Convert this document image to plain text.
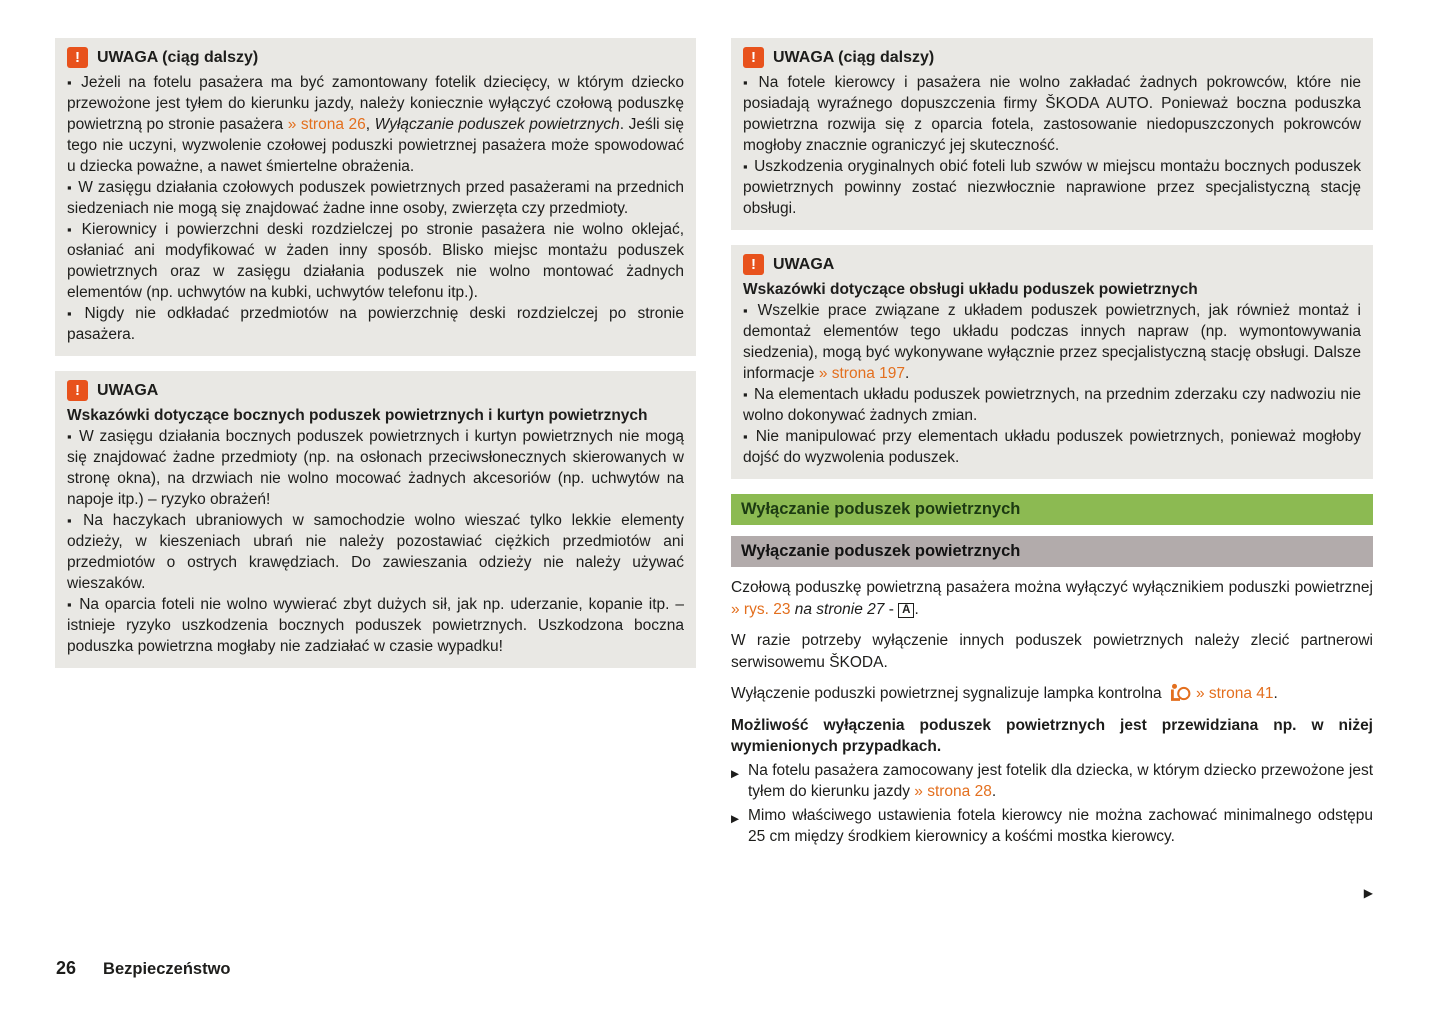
!	UWAGA (ciąg dalszy)

▪ Jeżeli na fotelu pasażera ma być zamontowany fotelik dziecięcy, w którym dziecko przewożone jest tyłem do kierunku jazdy, należy koniecznie wyłączyć czołową poduszkę powietrzną po stronie pasażera » strona 26, Wyłączanie poduszek powietrznych. Jeśli się tego nie uczyni, wyzwolenie czołowej poduszki powietrznej pasażera może spowodować u dziecka poważne, a nawet śmiertelne obrażenia.

▪ W zasięgu działania czołowych poduszek powietrznych przed pasażerami na przednich siedzeniach nie mogą się znajdować żadne inne osoby, zwierzęta czy przedmioty.

▪ Kierownicy i powierzchni deski rozdzielczej po stronie pasażera nie wolno oklejać, osłaniać ani modyfikować w żaden inny sposób. Blisko miejsc montażu poduszek powietrznych oraz w zasięgu działania poduszek nie wolno montować żadnych elementów (np. uchwytów na kubki, uchwytów telefonu itp.).

▪ Nigdy nie odkładać przedmiotów na powierzchnię deski rozdzielczej po stronie pasażera.

!	UWAGA

Wskazówki dotyczące bocznych poduszek powietrznych i kurtyn powietrznych

▪ W zasięgu działania bocznych poduszek powietrznych i kurtyn powietrznych nie mogą się znajdować żadne przedmioty (np. na osłonach przeciwsłonecznych skierowanych w stronę okna), na drzwiach nie wolno mocować żadnych akcesoriów (np. uchwytów na napoje itp.) – ryzyko obrażeń!

▪ Na haczykach ubraniowych w samochodzie wolno wieszać tylko lekkie elementy odzieży, w kieszeniach ubrań nie należy pozostawiać ciężkich przedmiotów ani przedmiotów o ostrych krawędziach. Do zawieszania odzieży nie należy używać wieszaków.

▪ Na oparcia foteli nie wolno wywierać zbyt dużych sił, jak np. uderzanie, kopanie itp. – istnieje ryzyko uszkodzenia bocznych poduszek powietrznych. Uszkodzona boczna poduszka powietrzna mogłaby nie zadziałać w czasie wypadku!

!	UWAGA (ciąg dalszy)

▪ Na fotele kierowcy i pasażera nie wolno zakładać żadnych pokrowców, które nie posiadają wyraźnego dopuszczenia firmy ŠKODA AUTO. Ponieważ boczna poduszka powietrzna rozwija się z oparcia fotela, zastosowanie niedopuszczonych pokrowców mogłoby znacznie ograniczyć jej skuteczność.

▪ Uszkodzenia oryginalnych obić foteli lub szwów w miejscu montażu bocznych poduszek powietrznych powinny zostać niezwłocznie naprawione przez specjalistyczną stację obsługi.

!	UWAGA

Wskazówki dotyczące obsługi układu poduszek powietrznych

▪ Wszelkie prace związane z układem poduszek powietrznych, jak również montaż i demontaż elementów tego układu podczas innych napraw (np. wymontowywania siedzenia), mogą być wykonywane wyłącznie przez specjalistyczną stację obsługi. Dalsze informacje » strona 197.

▪ Na elementach układu poduszek powietrznych, na przednim zderzaku czy nadwoziu nie wolno dokonywać żadnych zmian.

▪ Nie manipulować przy elementach układu poduszek powietrznych, ponieważ mogłoby dojść do wyzwolenia poduszek.

Wyłączanie poduszek powietrznych
Wyłączanie poduszek powietrznych

Czołową poduszkę powietrzną pasażera można wyłączyć wyłącznikiem poduszki powietrznej » rys. 23 na stronie 27 - A .

W razie potrzeby wyłączenie innych poduszek powietrznych należy zlecić partnerowi serwisowemu ŠKODA.

Wyłączenie poduszki powietrznej sygnalizuje lampka kontrolna » strona 41.

Możliwość wyłączenia poduszek powietrznych jest przewidziana np. w niżej wymienionych przypadkach.

▶ Na fotelu pasażera zamocowany jest fotelik dla dziecka, w którym dziecko przewożone jest tyłem do kierunku jazdy » strona 28.
▶ Mimo właściwego ustawienia fotela kierowcy nie można zachować minimalnego odstępu 25 cm między środkiem kierownicy a kośćmi mostka kierowcy.
▶
26 Bezpieczeństwo
